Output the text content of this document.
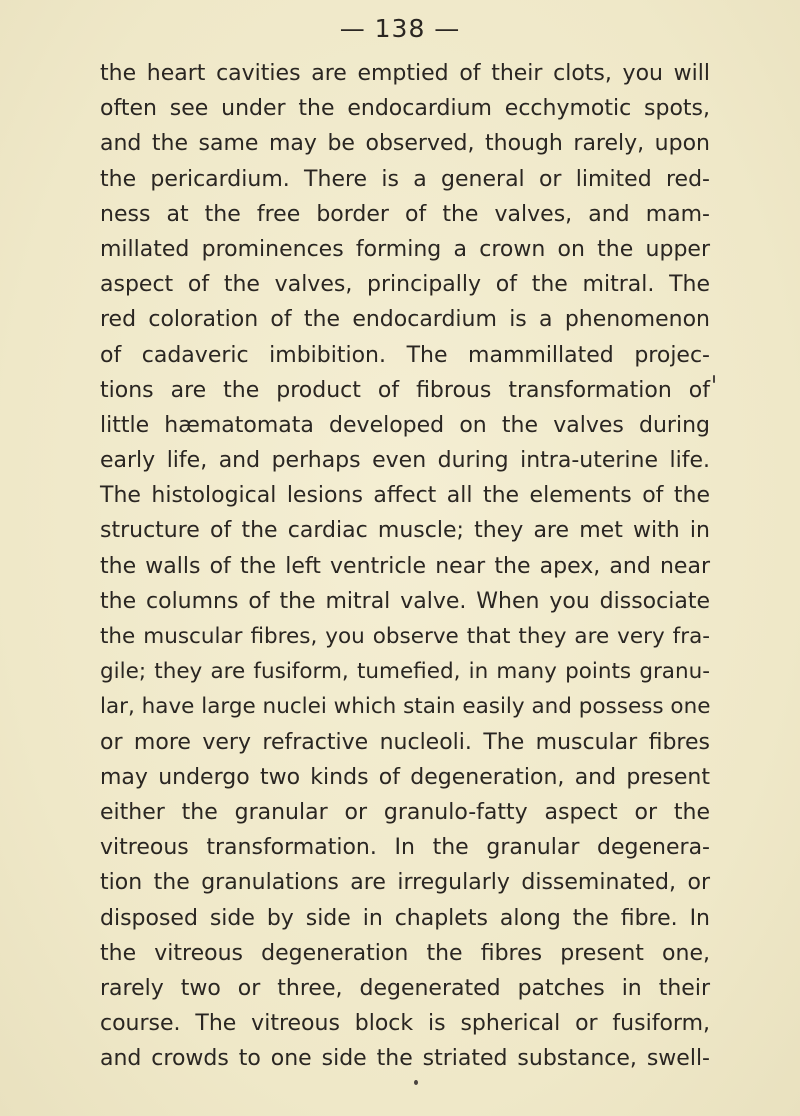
— 138 —
the heart cavities are emptied of their clots, you will
often see under the endocardium ecchymotic spots,
and the same may be observed, though rarely, upon
the pericardium. There is a general or limited red-
ness at the free border of the valves, and mam-
millated prominences forming a crown on the upper
aspect of the valves, principally of the mitral. The
red coloration of the endocardium is a phenomenon
of cadaveric imbibition. The mammillated projec-
tions are the product of fibrous transformation of
little hæmatomata developed on the valves during
early life, and perhaps even during intra-uterine life.
The histological lesions affect all the elements of the
structure of the cardiac muscle; they are met with in
the walls of the left ventricle near the apex, and near
the columns of the mitral valve. When you dissociate
the muscular fibres, you observe that they are very fra-
gile; they are fusiform, tumefied, in many points granu-
lar, have large nuclei which stain easily and possess one
or more very refractive nucleoli. The muscular fibres
may undergo two kinds of degeneration, and present
either the granular or granulo-fatty aspect or the
vitreous transformation. In the granular degenera-
tion the granulations are irregularly disseminated, or
disposed side by side in chaplets along the fibre. In
the vitreous degeneration the fibres present one,
rarely two or three, degenerated patches in their
course. The vitreous block is spherical or fusiform,
and crowds to one side the striated substance, swell-
